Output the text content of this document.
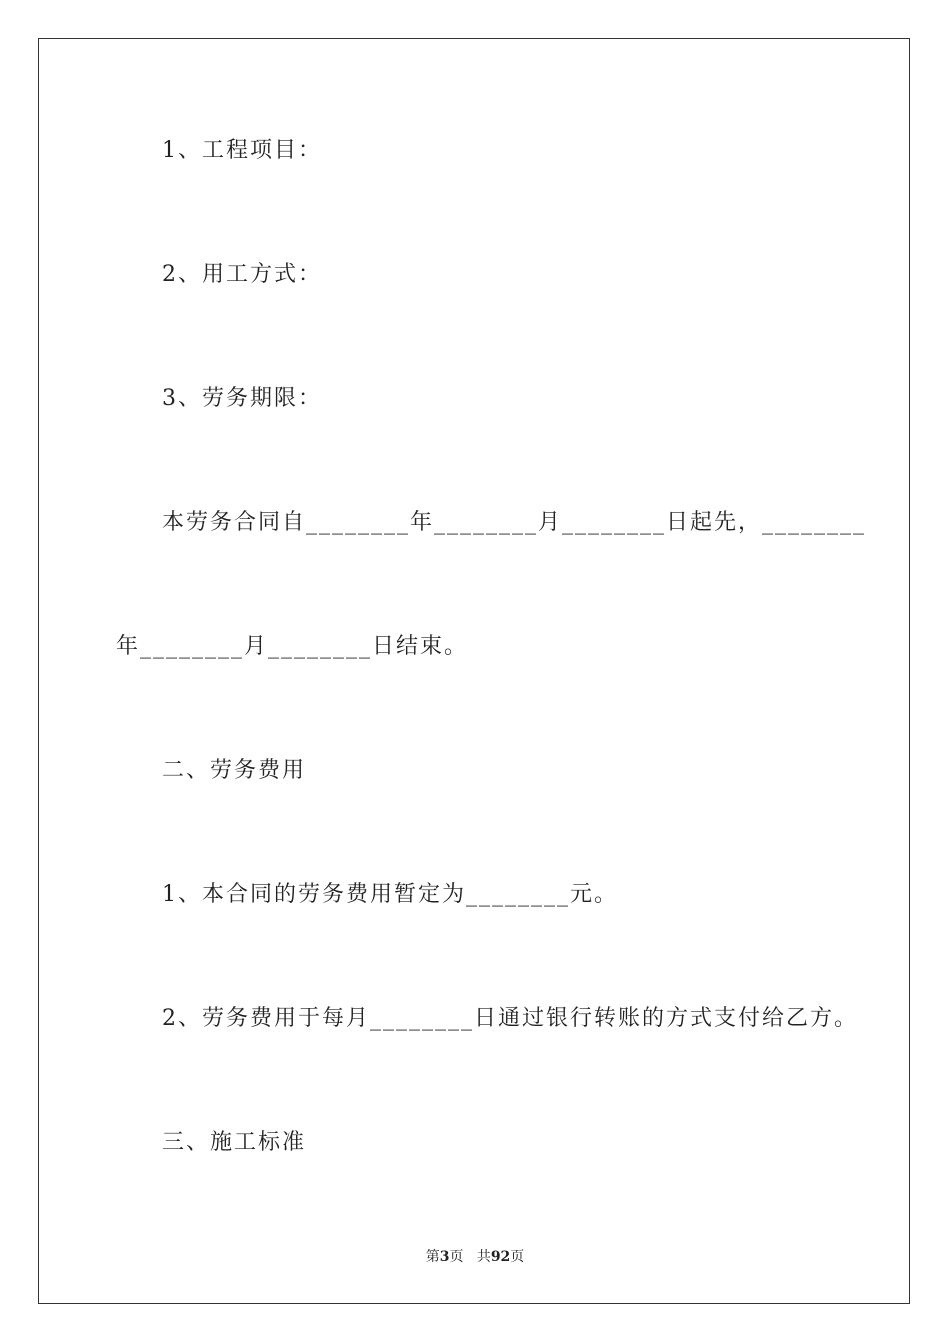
1、工程项目：
2、用工方式：
3、劳务期限：
本劳务合同自________年________月________日起先，________
年________月________日结束。
二、劳务费用
1、本合同的劳务费用暂定为________元。
2、劳务费用于每月________日通过银行转账的方式支付给乙方。
三、施工标准
第3页 共92页
